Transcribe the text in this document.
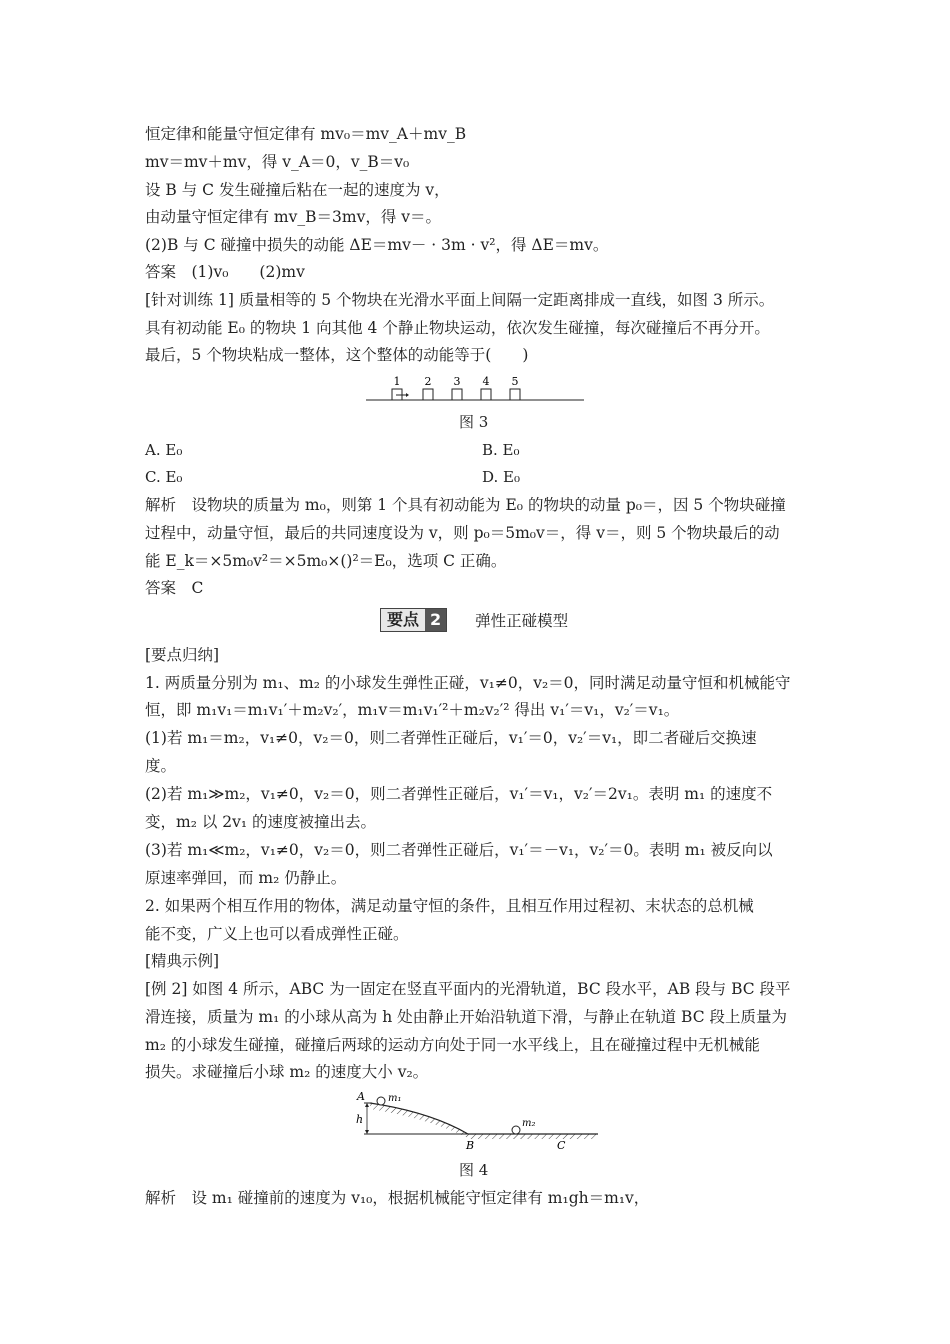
恒定律和能量守恒定律有 mv₀＝mv_A＋mv_B
mv＝mv＋mv，得 v_A＝0，v_B＝v₀
设 B 与 C 发生碰撞后粘在一起的速度为 v，
由动量守恒定律有 mv_B＝3mv，得 v＝。
(2)B 与 C 碰撞中损失的动能 ΔE＝mv－ · 3m · v²，得 ΔE＝mv。
答案　(1)v₀　　(2)mv
[针对训练 1] 质量相等的 5 个物块在光滑水平面上间隔一定距离排成一直线，如图 3 所示。
具有初动能 E₀ 的物块 1 向其他 4 个静止物块运动，依次发生碰撞，每次碰撞后不再分开。
最后，5 个物块粘成一整体，这个整体的动能等于(　　)
1 2 3 4 5
图 3
A. E₀	B. E₀
C. E₀	D. E₀
解析　设物块的质量为 m₀，则第 1 个具有初动能为 E₀ 的物块的动量 p₀＝，因 5 个物块碰撞
过程中，动量守恒，最后的共同速度设为 v，则 p₀＝5m₀v＝，得 v＝，则 5 个物块最后的动
能 E_k＝×5m₀v²＝×5m₀×()²＝E₀，选项 C 正确。
答案　C
要点 2	弹性正碰模型
[要点归纳]
1. 两质量分别为 m₁、m₂ 的小球发生弹性正碰，v₁≠0，v₂＝0，同时满足动量守恒和机械能守
恒，即 m₁v₁＝m₁v₁′＋m₂v₂′，m₁v＝m₁v₁′²＋m₂v₂′² 得出 v₁′＝v₁，v₂′＝v₁。
(1)若 m₁＝m₂，v₁≠0，v₂＝0，则二者弹性正碰后，v₁′＝0，v₂′＝v₁，即二者碰后交换速
度。
(2)若 m₁≫m₂，v₁≠0，v₂＝0，则二者弹性正碰后，v₁′＝v₁，v₂′＝2v₁。表明 m₁ 的速度不
变，m₂ 以 2v₁ 的速度被撞出去。
(3)若 m₁≪m₂，v₁≠0，v₂＝0，则二者弹性正碰后，v₁′＝－v₁，v₂′＝0。表明 m₁ 被反向以
原速率弹回，而 m₂ 仍静止。
2. 如果两个相互作用的物体，满足动量守恒的条件，且相互作用过程初、末状态的总机械
能不变，广义上也可以看成弹性正碰。
[精典示例]
[例 2] 如图 4 所示，ABC 为一固定在竖直平面内的光滑轨道，BC 段水平，AB 段与 BC 段平
滑连接，质量为 m₁ 的小球从高为 h 处由静止开始沿轨道下滑，与静止在轨道 BC 段上质量为
m₂ 的小球发生碰撞，碰撞后两球的运动方向处于同一水平线上，且在碰撞过程中无机械能
损失。求碰撞后小球 m₂ 的速度大小 v₂。
A
h
B	C
m₁
m₂
图 4
解析　设 m₁ 碰撞前的速度为 v₁₀，根据机械能守恒定律有 m₁gh＝m₁v，
